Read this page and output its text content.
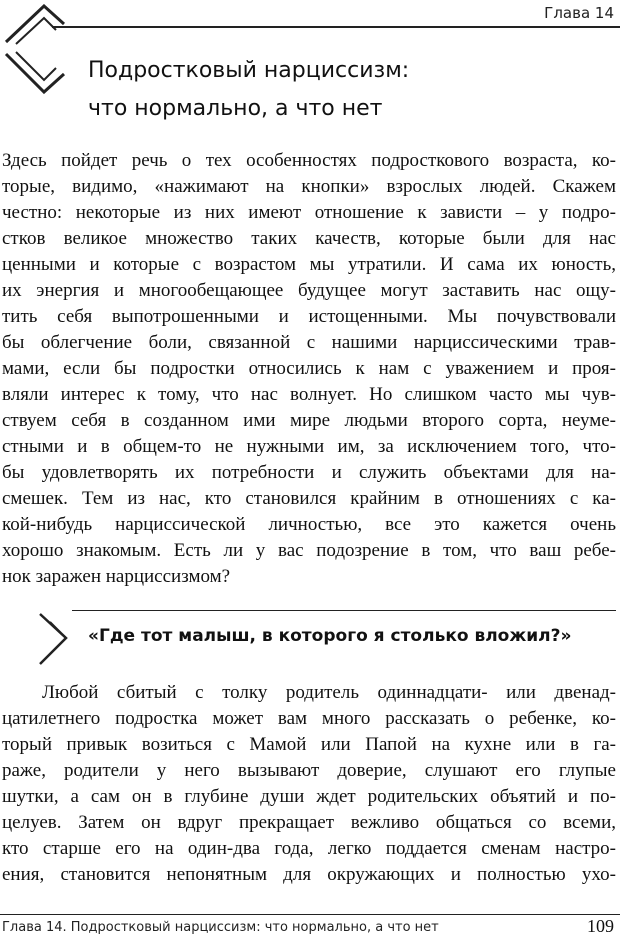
Глава 14
Подростковый нарциссизм:
что нормально, а что нет

Здесь пойдет речь о тех особенностях подросткового возраста, ко-
торые, видимо, «нажимают на кнопки» взрослых людей. Скажем
честно: некоторые из них имеют отношение к зависти – у подро-
стков великое множество таких качеств, которые были для нас
ценными и которые с возрастом мы утратили. И сама их юность,
их энергия и многообещающее будущее могут заставить нас ощу-
тить себя выпотрошенными и истощенными. Мы почувствовали
бы облегчение боли, связанной с нашими нарциссическими трав-
мами, если бы подростки относились к нам с уважением и проя-
вляли интерес к тому, что нас волнует. Но слишком часто мы чув-
ствуем себя в созданном ими мире людьми второго сорта, неуме-
стными и в общем-то не нужными им, за исключением того, что-
бы удовлетворять их потребности и служить объектами для на-
смешек. Тем из нас, кто становился крайним в отношениях с ка-
кой-нибудь нарциссической личностью, все это кажется очень
хорошо знакомым. Есть ли у вас подозрение в том, что ваш ребе-
нок заражен нарциссизмом?

«Где тот малыш, в которого я столько вложил?»

Любой сбитый с толку родитель одиннадцати- или двенад-
цатилетнего подростка может вам много рассказать о ребенке, ко-
торый привык возиться с Мамой или Папой на кухне или в га-
раже, родители у него вызывают доверие, слушают его глупые
шутки, а сам он в глубине души ждет родительских объятий и по-
целуев. Затем он вдруг прекращает вежливо общаться со всеми,
кто старше его на один-два года, легко поддается сменам настро-
ения, становится непонятным для окружающих и полностью ухо-

Глава 14. Подростковый нарциссизм: что нормально, а что нет	109
